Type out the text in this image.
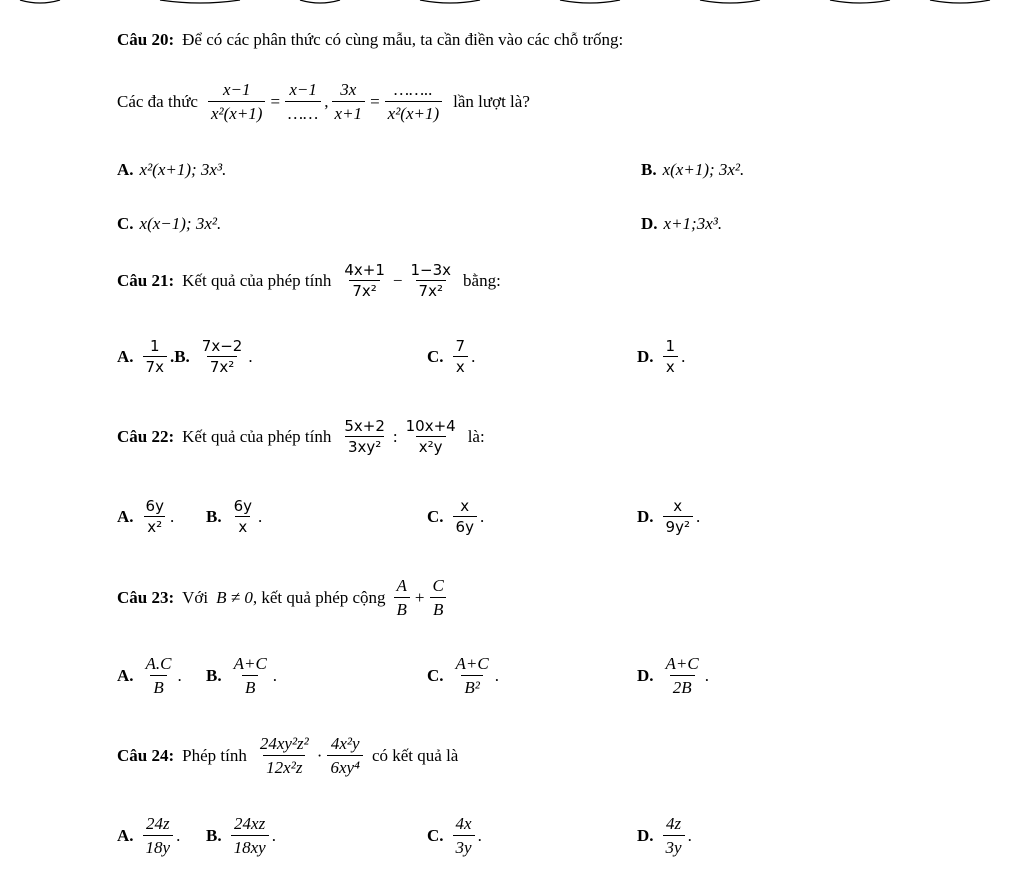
Câu 20: Để có các phân thức có cùng mẫu, ta cần điền vào các chỗ trống:
Các đa thức $\frac{x-1}{\text{x²(x+1)}} = \frac{x-1}{\dots\dots}$ , $\frac{3x}{x+1} = \frac{\dots\dots..}{\text{x²(x+1)}}$ lần lượt là?
A. x²(x+1); 3x³.	B. x(x+1); 3x².
C. x(x−1); 3x².	D. x+1;3x³.
Câu 21: Kết quả của phép tính $\frac{4x+1}{\text{7x²}} - \frac{1-3x}{\text{7x²}}$ bằng:
A. $\frac{1}{7x} .B$. $\frac{7x-2}{\text{7x²}}$ .	C. $\frac{7}{x}$ .	D. $\frac{1}{x}$ .
Câu 22: Kết quả của phép tính $\frac{5x+2}{\text{3xy²}}$ : $\frac{10x+4}{\text{x²y}}$ là:
A. $\frac{6y}{\text{x²}}$ . B. $\frac{6y}{x}$ .	C. $\frac{x}{6y}$ .	D. $\frac{x}{\text{9y²}}$ .
Câu 23: Với B ≠ 0 , kết quả phép cộng $\frac{A}{B} + \frac{C}{B}$
A. $\frac{A.C}{B}$ . B. $\frac{A+C}{B}$ .	C. $\frac{A+C}{\text{B²}}$ .	D. $\frac{A+C}{2B}$ .
Câu 24: Phép tính $\frac{\text{24xy²z²}}{\text{12x²z}} \cdot \frac{\text{4x²y}}{\text{6xy⁴}}$ có kết quả là
A. $\frac{24z}{18y}$ . B. $\frac{24xz}{18xy}$ .	C. $\frac{4x}{3y}$ .	D. $\frac{4z}{3y}$ .
